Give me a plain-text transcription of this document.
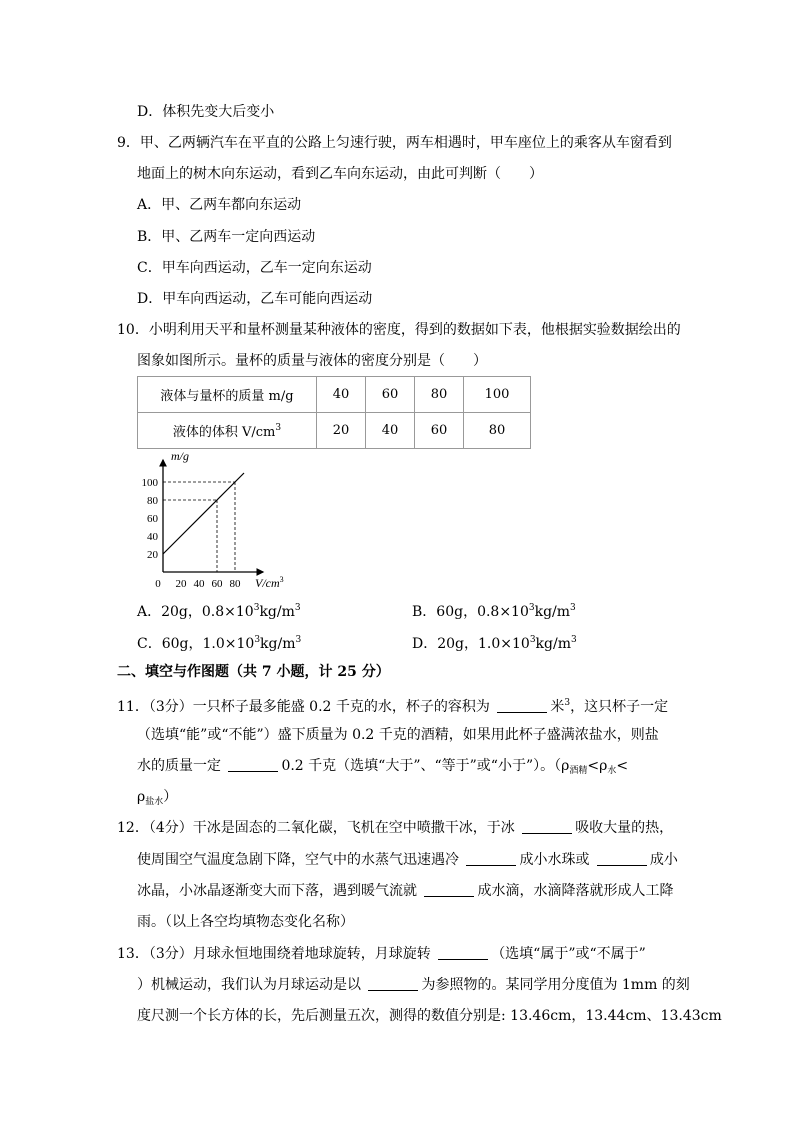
D．体积先变大后变小
9．甲、乙两辆汽车在平直的公路上匀速行驶，两车相遇时，甲车座位上的乘客从车窗看到
地面上的树木向东运动，看到乙车向东运动，由此可判断（　　）
A．甲、乙两车都向东运动
B．甲、乙两车一定向西运动
C．甲车向西运动，乙车一定向东运动
D．甲车向西运动，乙车可能向西运动
10．小明利用天平和量杯测量某种液体的密度，得到的数据如下表，他根据实验数据绘出的
图象如图所示。量杯的质量与液体的密度分别是（　　）
液体与量杯的质量 m/g	40	60	80	100
液体的体积 $V/cm^3$	20	40	60	80
20
40
60
80
100
0 20 40 60 80
m/g
$V/cm^3$
A．20g，$0.8\times 10^3kg/m^3$	B．60g，$0.8\times 10^3kg/m^3$
C．60g，$1.0\times 10^3kg/m^3$	D．20g，$1.0\times 10^3kg/m^3$
二、填空与作图题（共 7 小题，计 25 分）
11．（3分）一只杯子最多能盛 0.2 千克的水，杯子的容积为	米$^3$，这只杯子一定
（选填“能”或“不能”）盛下质量为 0.2 千克的酒精，如果用此杯子盛满浓盐水，则盐
水的质量一定	0.2 千克（选填“大于”、“等于”或“小于”）。（$\rho_{酒精}<\rho_水<$
$\rho_{盐水}$）
12．（4分）干冰是固态的二氧化碳，飞机在空中喷撒干冰，于冰	吸收大量的热，
使周围空气温度急剧下降，空气中的水蒸气迅速遇冷	成小水珠或	成小
冰晶，小冰晶逐渐变大而下落，遇到暖气流就	成水滴，水滴降落就形成人工降
雨。（以上各空均填物态变化名称）
13．（3分）月球永恒地围绕着地球旋转，月球旋转	（选填“属于”或“不属于”
）机械运动，我们认为月球运动是以	为参照物的。某同学用分度值为 1mm 的刻
度尺测一个长方体的长，先后测量五次，测得的数值分别是: 13.46cm，13.44cm、13.43cm
